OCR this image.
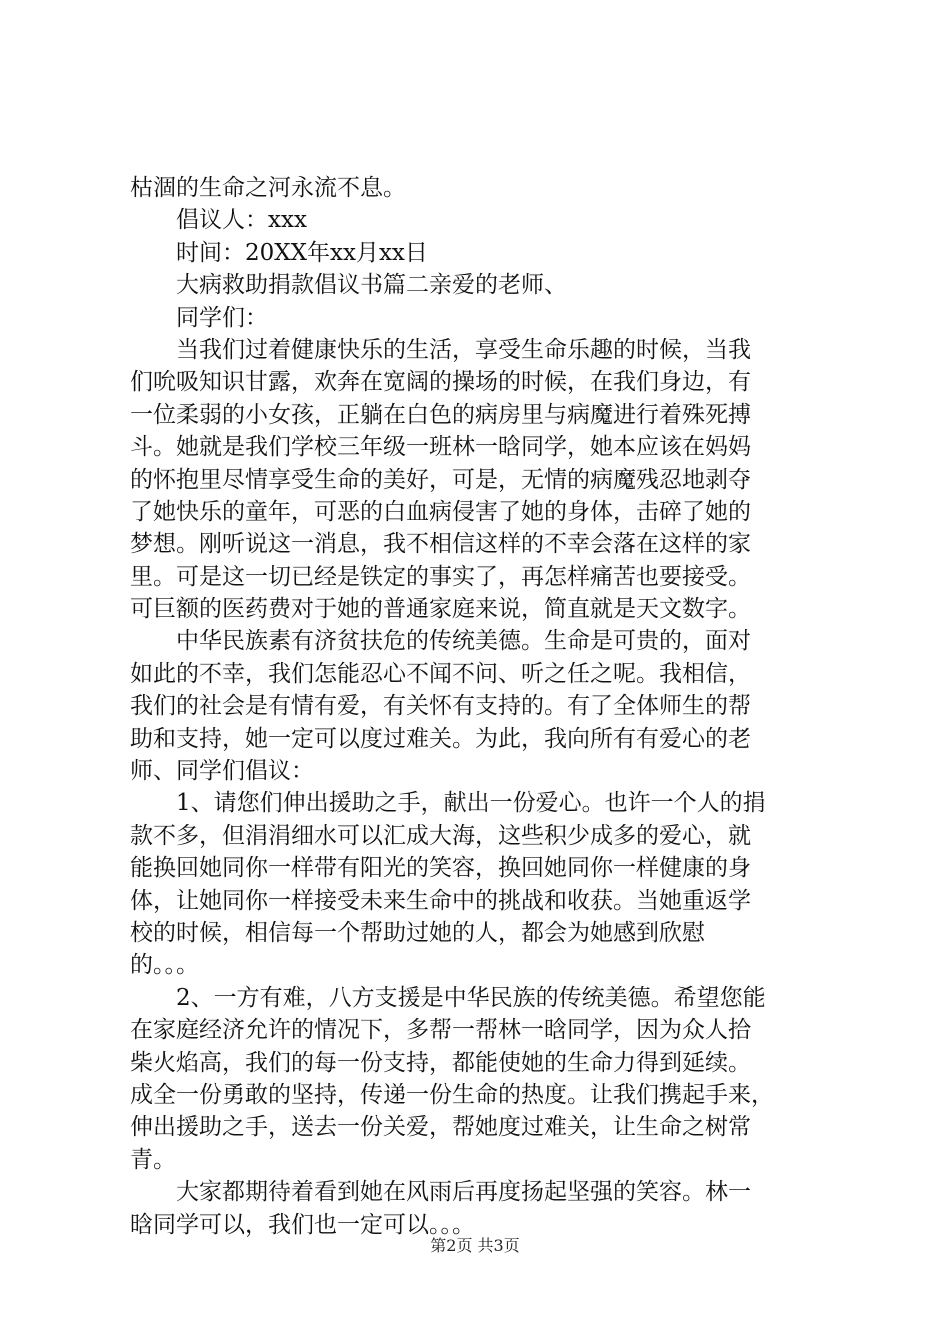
枯涸的生命之河永流不息。
倡议人：xxx
时间：20XX年xx月xx日
大病救助捐款倡议书篇二亲爱的老师、
同学们：
当我们过着健康快乐的生活，享受生命乐趣的时候，当我
们吮吸知识甘露，欢奔在宽阔的操场的时候，在我们身边，有
一位柔弱的小女孩，正躺在白色的病房里与病魔进行着殊死搏
斗。她就是我们学校三年级一班林一晗同学，她本应该在妈妈
的怀抱里尽情享受生命的美好，可是，无情的病魔残忍地剥夺
了她快乐的童年，可恶的白血病侵害了她的身体，击碎了她的
梦想。刚听说这一消息，我不相信这样的不幸会落在这样的家
里。可是这一切已经是铁定的事实了，再怎样痛苦也要接受。
可巨额的医药费对于她的普通家庭来说，简直就是天文数字。
中华民族素有济贫扶危的传统美德。生命是可贵的，面对
如此的不幸，我们怎能忍心不闻不问、听之任之呢。我相信，
我们的社会是有情有爱，有关怀有支持的。有了全体师生的帮
助和支持，她一定可以度过难关。为此，我向所有有爱心的老
师、同学们倡议：
1、请您们伸出援助之手，献出一份爱心。也许一个人的捐
款不多，但涓涓细水可以汇成大海，这些积少成多的爱心，就
能换回她同你一样带有阳光的笑容，换回她同你一样健康的身
体，让她同你一样接受未来生命中的挑战和收获。当她重返学
校的时候，相信每一个帮助过她的人，都会为她感到欣慰
的。。。
2、一方有难，八方支援是中华民族的传统美德。希望您能
在家庭经济允许的情况下，多帮一帮林一晗同学，因为众人拾
柴火焰高，我们的每一份支持，都能使她的生命力得到延续。
成全一份勇敢的坚持，传递一份生命的热度。让我们携起手来，
伸出援助之手，送去一份关爱，帮她度过难关，让生命之树常
青。
大家都期待着看到她在风雨后再度扬起坚强的笑容。林一
晗同学可以，我们也一定可以。。。
第2页 共3页
